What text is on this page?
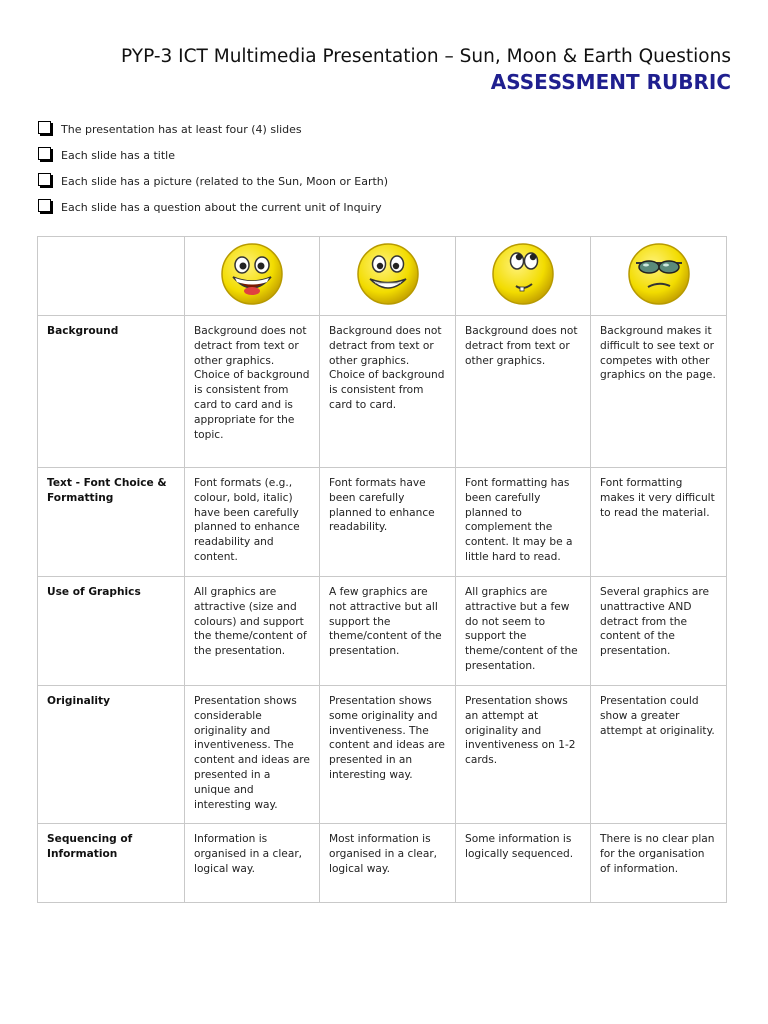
PYP-3 ICT Multimedia Presentation – Sun, Moon & Earth Questions
ASSESSMENT RUBRIC
The presentation has at least four (4) slides
Each slide has a title
Each slide has a picture (related to the Sun, Moon or Earth)
Each slide has a question about the current unit of Inquiry

Background	Background does not detract from text or other graphics. Choice of background is consistent from card to card and is appropriate for the topic.	Background does not detract from text or other graphics. Choice of background is consistent from card to card.	Background does not detract from text or other graphics.	Background makes it difficult to see text or competes with other graphics on the page.
Text - Font Choice & Formatting	Font formats (e.g., colour, bold, italic) have been carefully planned to enhance readability and content.	Font formats have been carefully planned to enhance readability.	Font formatting has been carefully planned to complement the content. It may be a little hard to read.	Font formatting makes it very difficult to read the material.
Use of Graphics	All graphics are attractive (size and colours) and support the theme/content of the presentation.	A few graphics are not attractive but all support the theme/content of the presentation.	All graphics are attractive but a few do not seem to support the theme/content of the presentation.	Several graphics are unattractive AND detract from the content of the presentation.
Originality	Presentation shows considerable originality and inventiveness. The content and ideas are presented in a unique and interesting way.	Presentation shows some originality and inventiveness. The content and ideas are presented in an interesting way.	Presentation shows an attempt at originality and inventiveness on 1-2 cards.	Presentation could show a greater attempt at originality.
Sequencing of Information	Information is organised in a clear, logical way.	Most information is organised in a clear, logical way.	Some information is logically sequenced.	There is no clear plan for the organisation of information.
